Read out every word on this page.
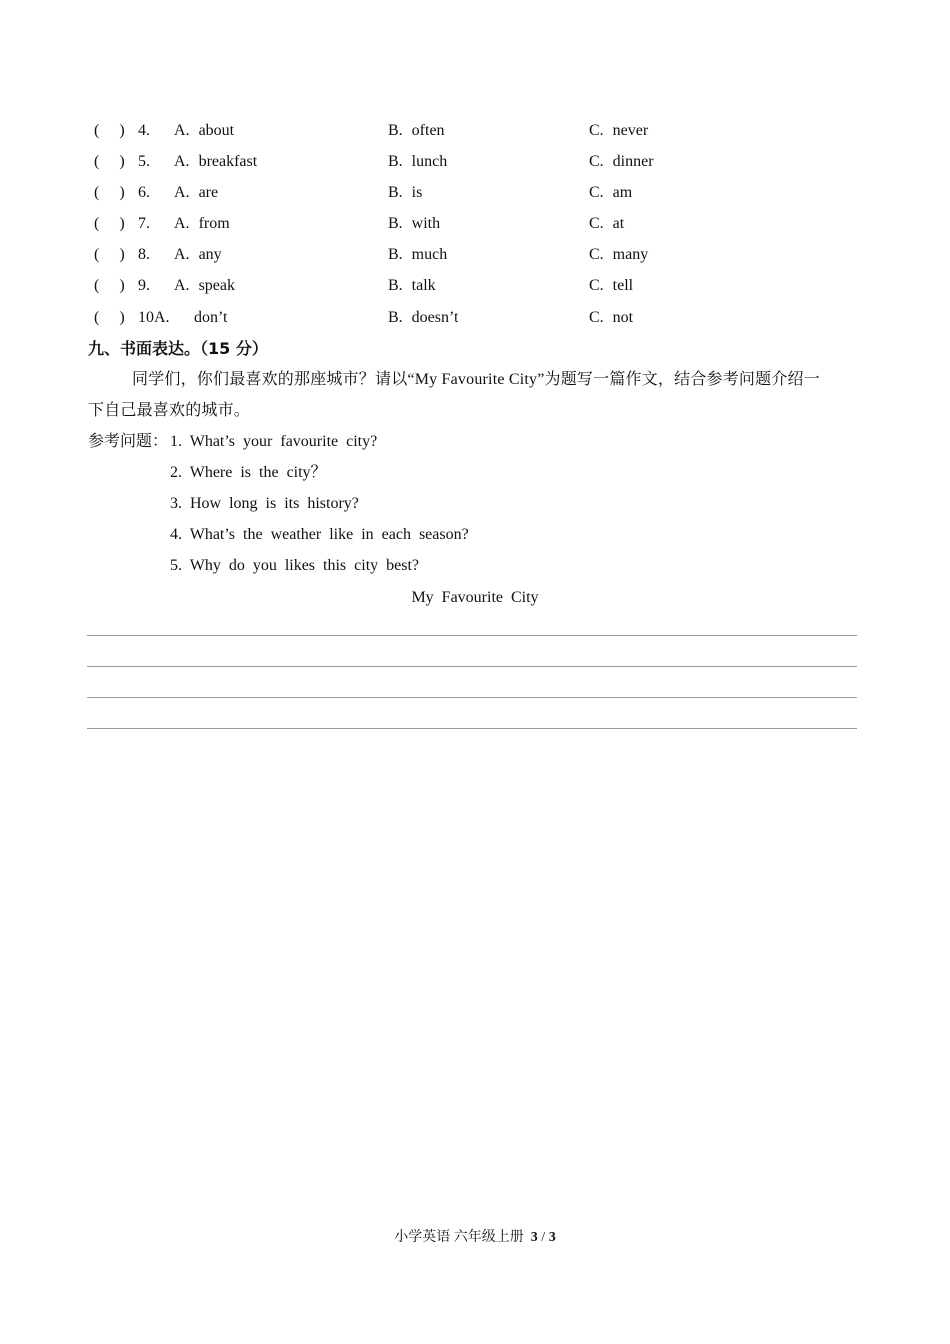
(     ) 4. A. about	B. often	C. never
(     ) 5. A. breakfast	B. lunch	C. dinner
(     ) 6. A. are	B. is	C. am
(     ) 7. A. from	B. with	C. at
(     ) 8. A. any	B. much	C. many
(     ) 9. A. speak	B. talk	C. tell
(     ) 10A. don’t	B. doesn’t	C. not
九、书面表达。（15 分）
同学们，你们最喜欢的那座城市？请以“My Favourite City”为题写一篇作文，结合参考问题介绍一
下自己最喜欢的城市。
参考问题： 1. What’s your favourite city?
2. Where is the city？
3. How long is its history?
4. What’s the weather like in each season?
5. Why do you likes this city best?
My Favourite City
小学英语 六年级上册 3 / 3
